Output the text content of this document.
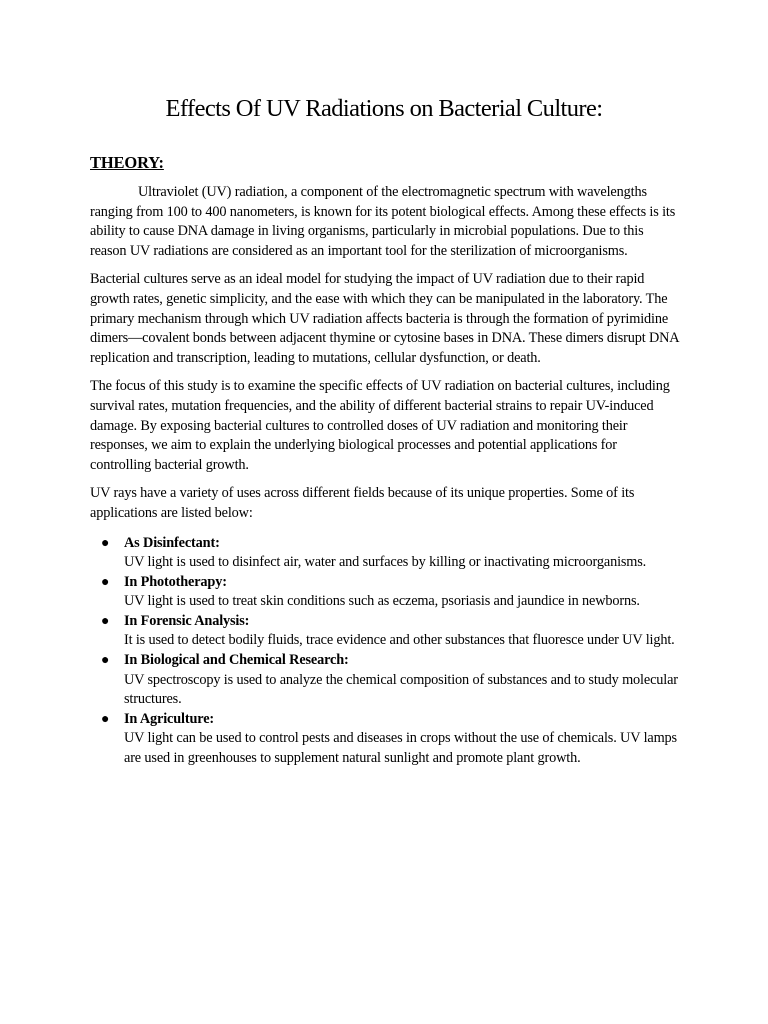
Effects Of UV Radiations on Bacterial Culture:
THEORY:

Ultraviolet (UV) radiation, a component of the electromagnetic spectrum with wavelengths ranging from 100 to 400 nanometers, is known for its potent biological effects. Among these effects is its ability to cause DNA damage in living organisms, particularly in microbial populations. Due to this reason UV radiations are considered as an important tool for the sterilization of microorganisms.

Bacterial cultures serve as an ideal model for studying the impact of UV radiation due to their rapid growth rates, genetic simplicity, and the ease with which they can be manipulated in the laboratory. The primary mechanism through which UV radiation affects bacteria is through the formation of pyrimidine dimers—covalent bonds between adjacent thymine or cytosine bases in DNA. These dimers disrupt DNA replication and transcription, leading to mutations, cellular dysfunction, or death.

The focus of this study is to examine the specific effects of UV radiation on bacterial cultures, including survival rates, mutation frequencies, and the ability of different bacterial strains to repair UV-induced damage. By exposing bacterial cultures to controlled doses of UV radiation and monitoring their responses, we aim to explain the underlying biological processes and potential applications for controlling bacterial growth.

UV rays have a variety of uses across different fields because of its unique properties. Some of its applications are listed below:

● As Disinfectant:
UV light is used to disinfect air, water and surfaces by killing or inactivating microorganisms.
● In Phototherapy:
UV light is used to treat skin conditions such as eczema, psoriasis and jaundice in newborns.
● In Forensic Analysis:
It is used to detect bodily fluids, trace evidence and other substances that fluoresce under UV light.
● In Biological and Chemical Research:
UV spectroscopy is used to analyze the chemical composition of substances and to study molecular structures.
● In Agriculture:
UV light can be used to control pests and diseases in crops without the use of chemicals. UV lamps are used in greenhouses to supplement natural sunlight and promote plant growth.
